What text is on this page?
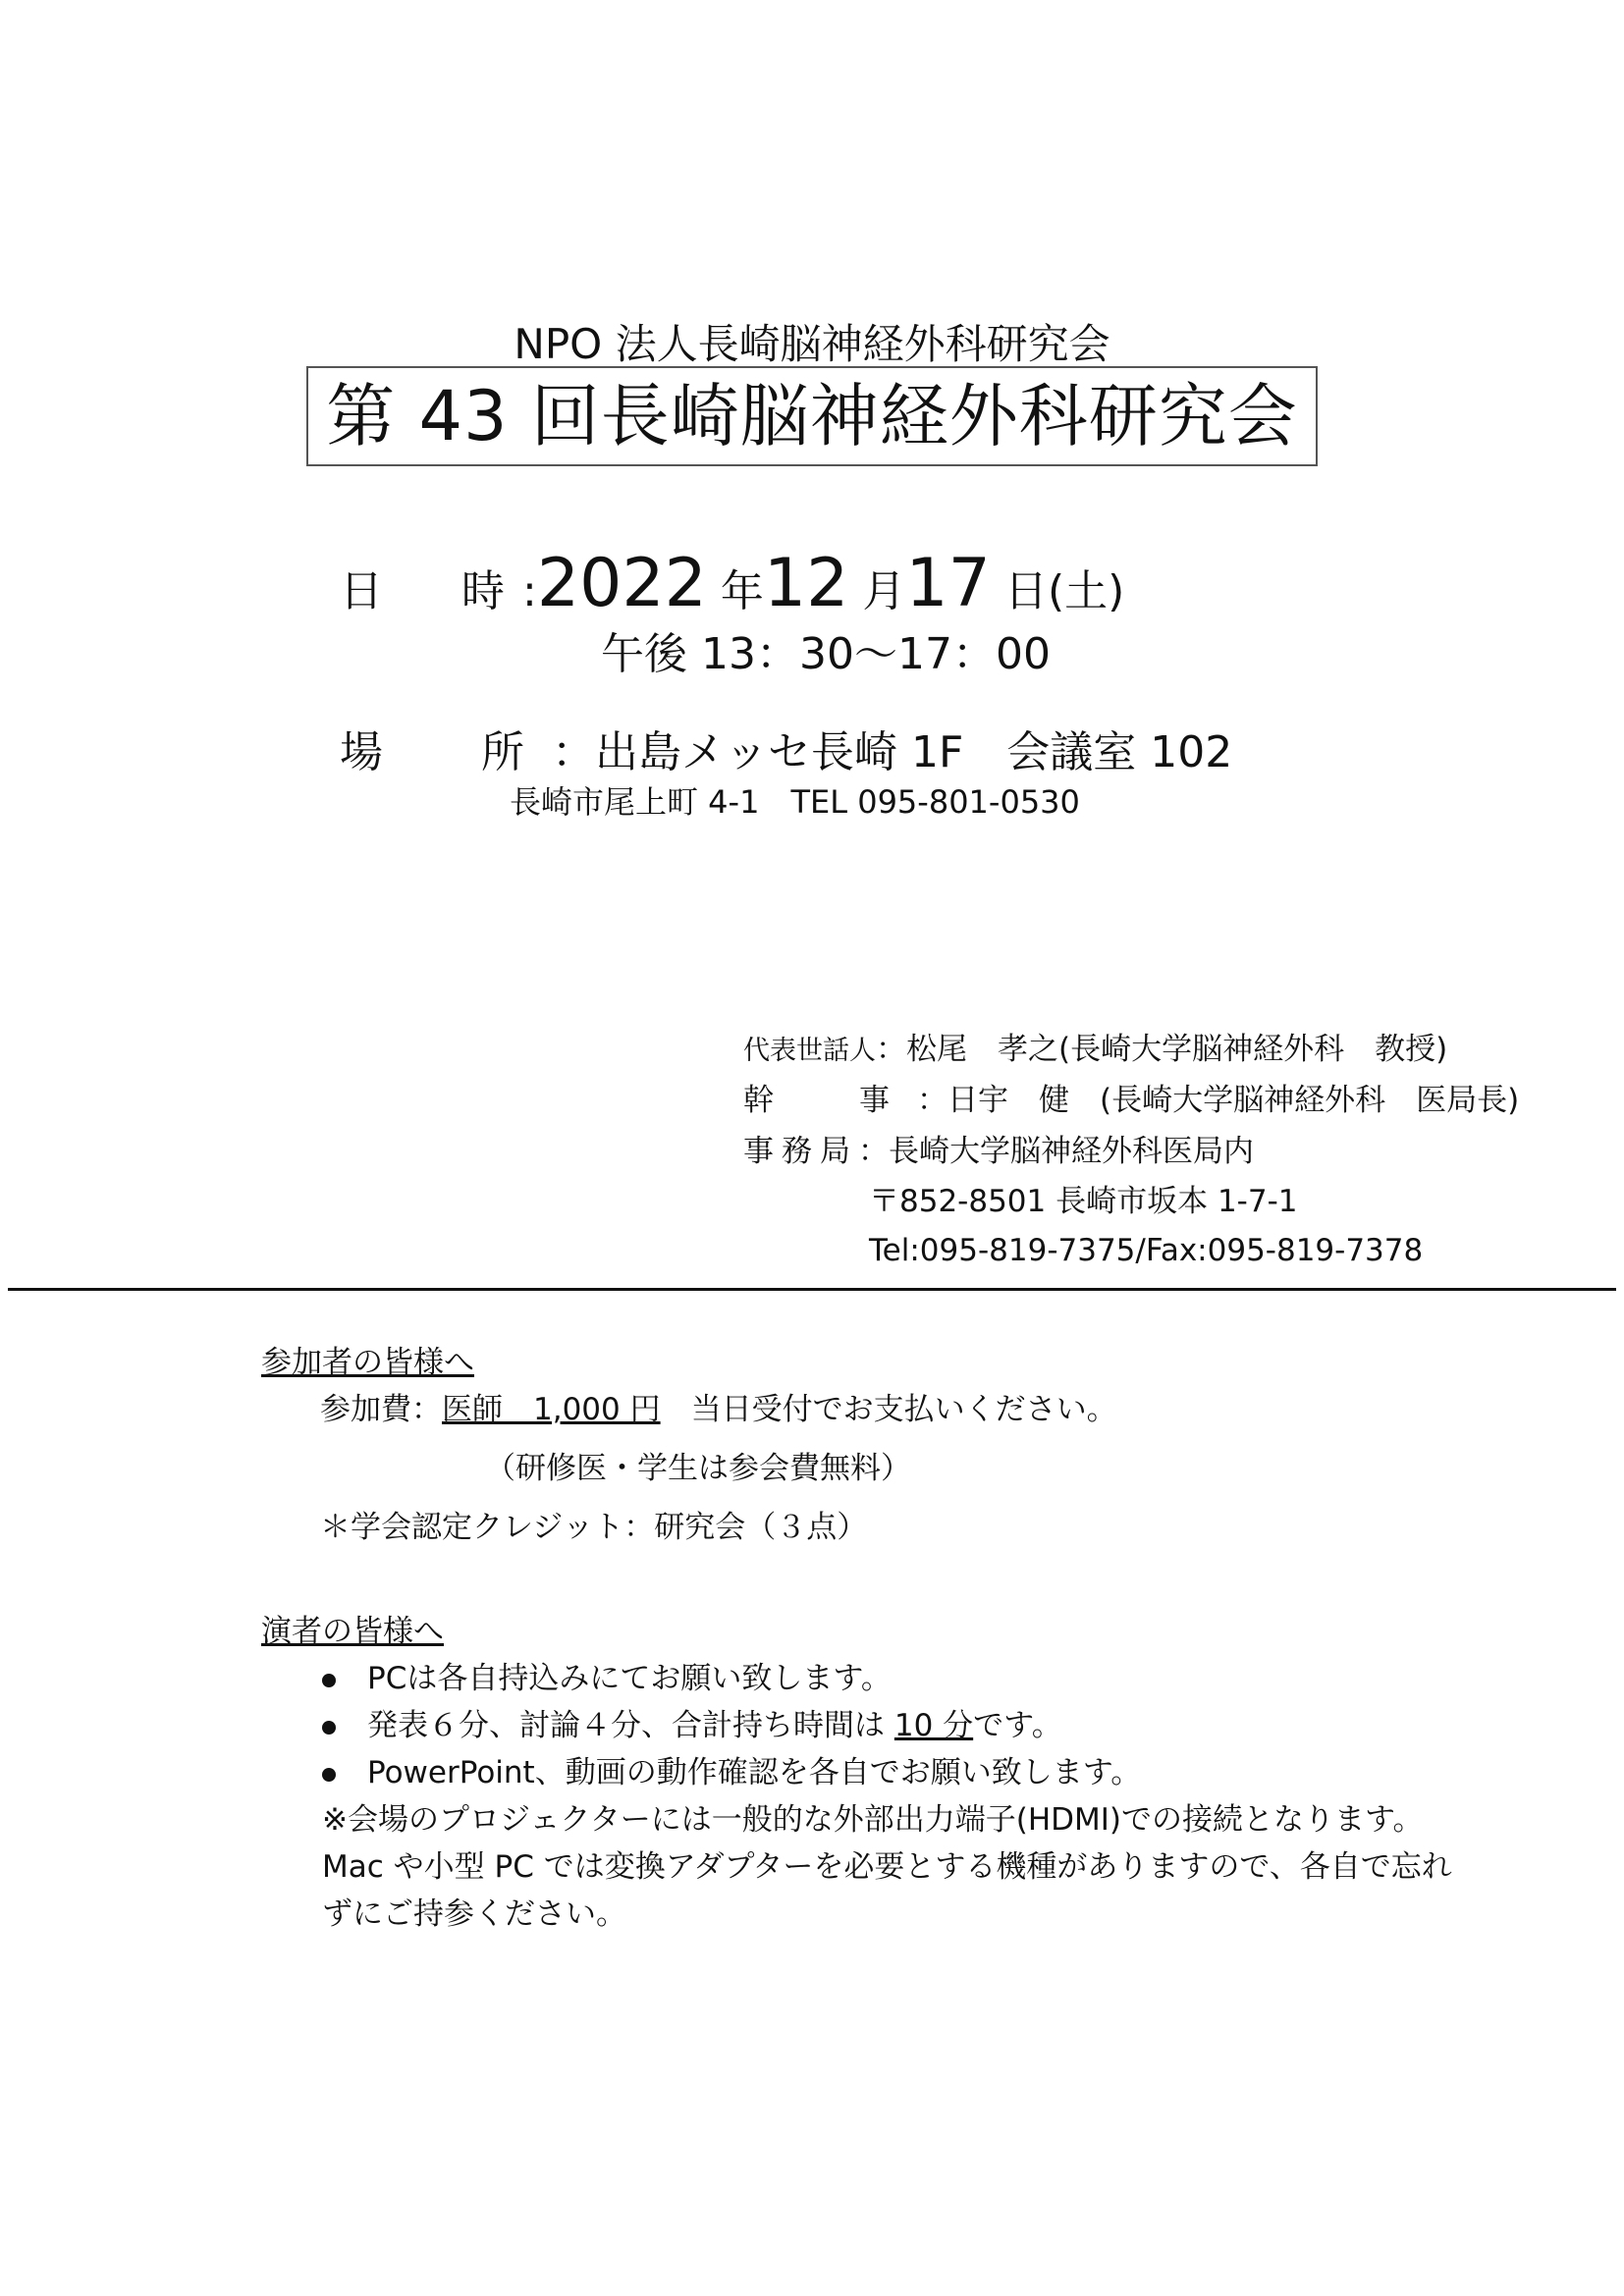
NPO 法人長崎脳神経外科研究会
第 43 回長崎脳神経外科研究会
日　時:2022 年12 月17 日(土)
午後 13：30～17：00
場　所：出島メッセ長崎 1F　会議室 102
長崎市尾上町 4-1　TEL 095-801-0530
代表世話人：松尾　孝之(長崎大学脳神経外科　教授)
幹　事：日宇　健　(長崎大学脳神経外科　医局長)
事務局：長崎大学脳神経外科医局内
〒852-8501 長崎市坂本 1-7-1
Tel:095-819-7375/Fax:095-819-7378
参加者の皆様へ
参加費：医師　1,000 円　当日受付でお支払いください。
（研修医・学生は参会費無料）
＊学会認定クレジット：研究会（３点）
演者の皆様へ
PCは各自持込みにてお願い致します。
発表６分、討論４分、合計持ち時間は 10 分です。
PowerPoint、動画の動作確認を各自でお願い致します。
※会場のプロジェクターには一般的な外部出力端子(HDMI)での接続となります。
Mac や小型 PC では変換アダプターを必要とする機種がありますので、各自で忘れ
ずにご持参ください。
